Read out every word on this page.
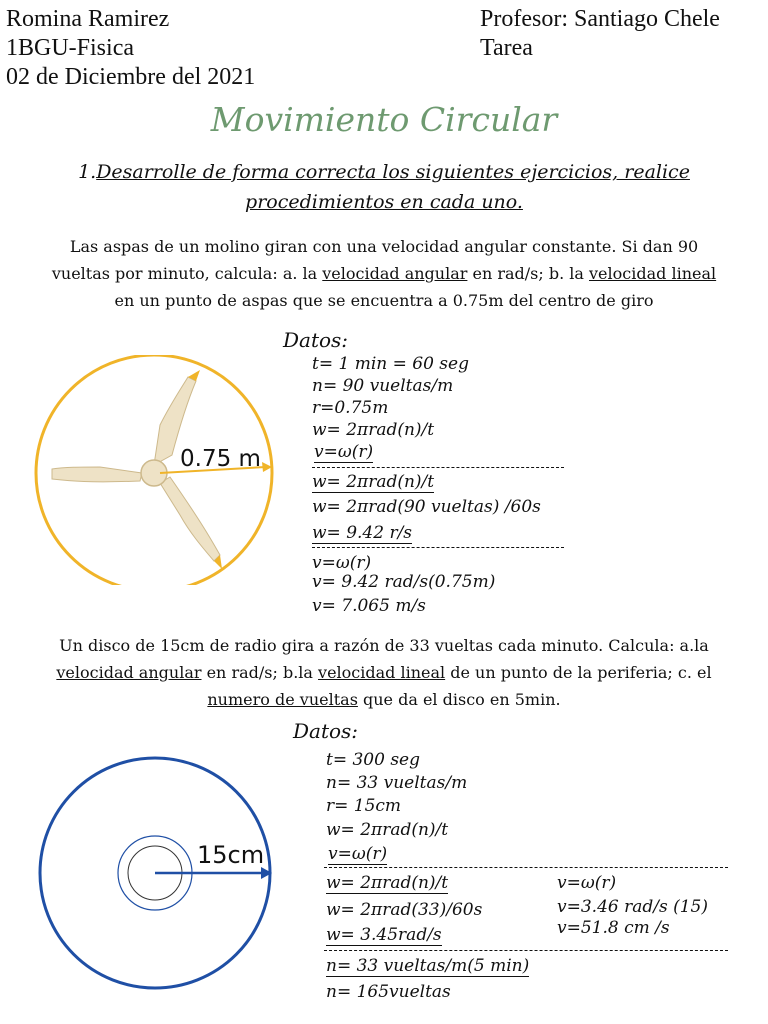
Romina Ramirez
1BGU-Fisica
02 de Diciembre del 2021
Profesor: Santiago Chele
Tarea
Movimiento Circular
1.Desarrolle de forma correcta los siguientes ejercicios, realice
procedimientos en cada uno.
Las aspas de un molino giran con una velocidad angular constante. Si dan 90
vueltas por minuto, calcula: a. la velocidad angular en rad/s; b. la velocidad lineal
en un punto de aspas que se encuentra a 0.75m del centro de giro
0.75 m
Datos:
t= 1 min = 60 seg
n= 90 vueltas/m
r=0.75m
w= 2πrad(n)/t
v=ω(r)
w= 2πrad(n)/t
w= 2πrad(90 vueltas) /60s
w= 9.42 r/s
v=ω(r)
v= 9.42 rad/s(0.75m)
v= 7.065 m/s
Un disco de 15cm de radio gira a razón de 33 vueltas cada minuto. Calcula: a.la
velocidad angular en rad/s; b.la velocidad lineal de un punto de la periferia; c. el
numero de vueltas que da el disco en 5min.
15cm
Datos:
t= 300 seg
n= 33 vueltas/m
r= 15cm
w= 2πrad(n)/t
v=ω(r)
w= 2πrad(n)/t
w= 2πrad(33)/60s
w= 3.45rad/s
v=ω(r)
v=3.46 rad/s (15)
v=51.8 cm /s
n= 33 vueltas/m(5 min)
n= 165vueltas
